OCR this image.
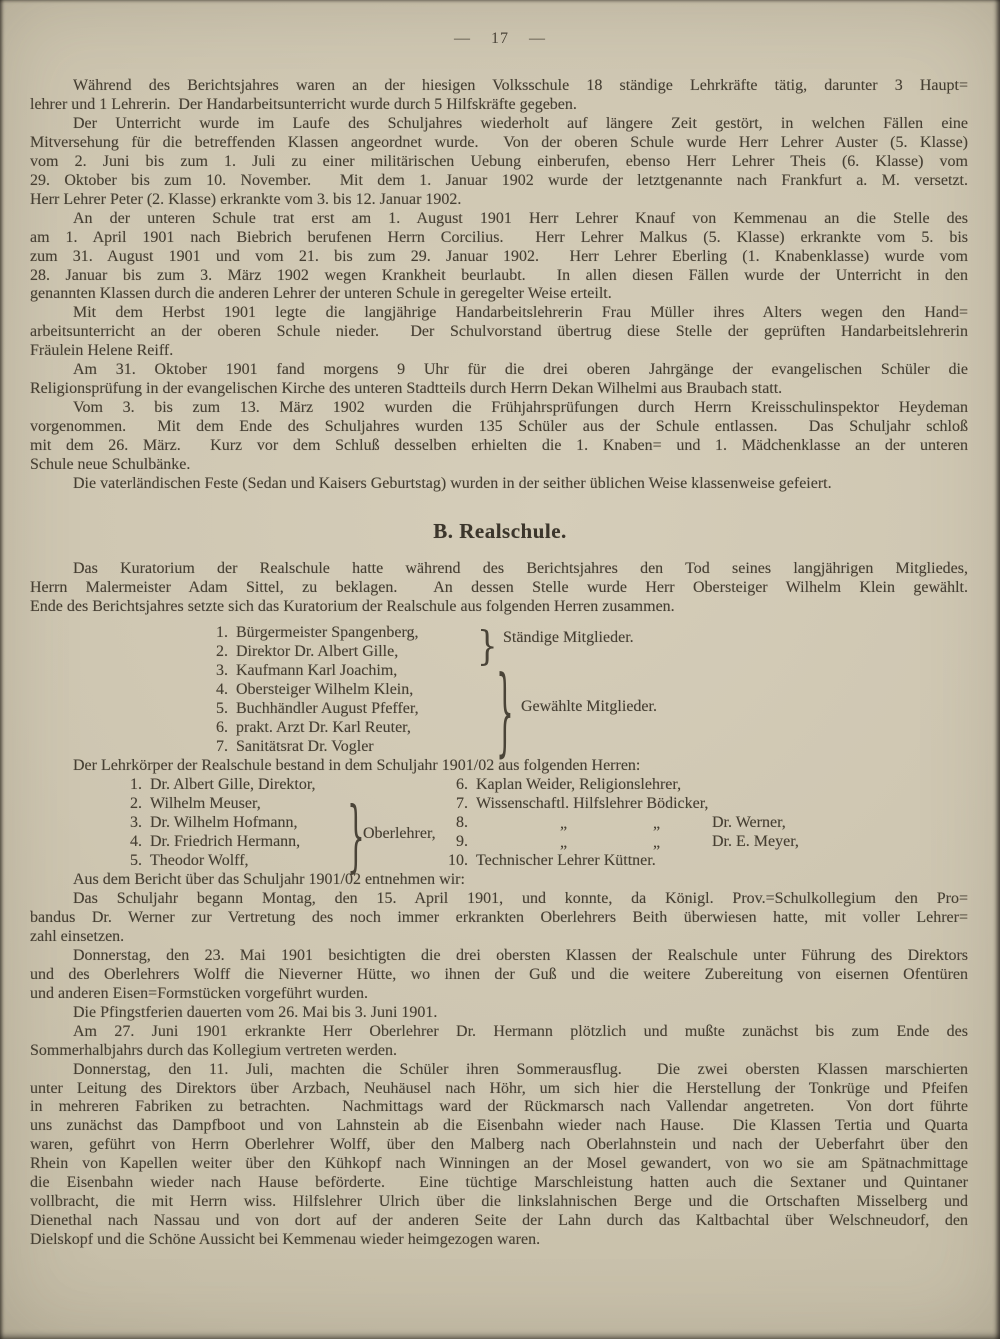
— 17 —
Während des Berichtsjahres waren an der hiesigen Volksschule 18 ständige Lehrkräfte tätig, darunter 3 Haupt=
lehrer und 1 Lehrerin.  Der Handarbeitsunterricht wurde durch 5 Hilfskräfte gegeben.
Der Unterricht wurde im Laufe des Schuljahres wiederholt auf längere Zeit gestört, in welchen Fällen eine
Mitversehung für die betreffenden Klassen angeordnet wurde.  Von der oberen Schule wurde Herr Lehrer Auster (5. Klasse)
vom 2. Juni bis zum 1. Juli zu einer militärischen Uebung einberufen, ebenso Herr Lehrer Theis (6. Klasse) vom
29. Oktober bis zum 10. November.  Mit dem 1. Januar 1902 wurde der letztgenannte nach Frankfurt a. M. versetzt.
Herr Lehrer Peter (2. Klasse) erkrankte vom 3. bis 12. Januar 1902.
An der unteren Schule trat erst am 1. August 1901 Herr Lehrer Knauf von Kemmenau an die Stelle des
am 1. April 1901 nach Biebrich berufenen Herrn Corcilius.  Herr Lehrer Malkus (5. Klasse) erkrankte vom 5. bis
zum 31. August 1901 und vom 21. bis zum 29. Januar 1902.  Herr Lehrer Eberling (1. Knabenklasse) wurde vom
28. Januar bis zum 3. März 1902 wegen Krankheit beurlaubt.  In allen diesen Fällen wurde der Unterricht in den
genannten Klassen durch die anderen Lehrer der unteren Schule in geregelter Weise erteilt.
Mit dem Herbst 1901 legte die langjährige Handarbeitslehrerin Frau Müller ihres Alters wegen den Hand=
arbeitsunterricht an der oberen Schule nieder.  Der Schulvorstand übertrug diese Stelle der geprüften Handarbeitslehrerin
Fräulein Helene Reiff.
Am 31. Oktober 1901 fand morgens 9 Uhr für die drei oberen Jahrgänge der evangelischen Schüler die
Religionsprüfung in der evangelischen Kirche des unteren Stadtteils durch Herrn Dekan Wilhelmi aus Braubach statt.
Vom 3. bis zum 13. März 1902 wurden die Frühjahrsprüfungen durch Herrn Kreisschulinspektor Heydeman
vorgenommen.  Mit dem Ende des Schuljahres wurden 135 Schüler aus der Schule entlassen.  Das Schuljahr schloß
mit dem 26. März.  Kurz vor dem Schluß desselben erhielten die 1. Knaben= und 1. Mädchenklasse an der unteren
Schule neue Schulbänke.
Die vaterländischen Feste (Sedan und Kaisers Geburtstag) wurden in der seither üblichen Weise klassenweise gefeiert.
B. Realschule.
Das Kuratorium der Realschule hatte während des Berichtsjahres den Tod seines langjährigen Mitgliedes,
Herrn Malermeister Adam Sittel, zu beklagen.  An dessen Stelle wurde Herr Obersteiger Wilhelm Klein gewählt.
Ende des Berichtsjahres setzte sich das Kuratorium der Realschule aus folgenden Herren zusammen.
1. Bürgermeister Spangenberg,
2. Direktor Dr. Albert Gille,
3. Kaufmann Karl Joachim,
4. Obersteiger Wilhelm Klein,
5. Buchhändler August Pfeffer,
6. prakt. Arzt Dr. Karl Reuter,
7. Sanitätsrat Dr. Vogler
} Ständige Mitglieder.
} Gewählte Mitglieder.
Der Lehrkörper der Realschule bestand in dem Schuljahr 1901/02 aus folgenden Herren:
1. Dr. Albert Gille, Direktor,
2. Wilhelm Meuser,
3. Dr. Wilhelm Hofmann,
4. Dr. Friedrich Hermann,
5. Theodor Wolff,	}
Oberlehrer,
6. Kaplan Weider, Religionslehrer,
7. Wissenschaftl. Hilfslehrer Bödicker,
8.	„	„	Dr. Werner,
9.	„	„	Dr. E. Meyer,
10. Technischer Lehrer Küttner.
Aus dem Bericht über das Schuljahr 1901/02 entnehmen wir:
Das Schuljahr begann Montag, den 15. April 1901, und konnte, da Königl. Prov.=Schulkollegium den Pro=
bandus Dr. Werner zur Vertretung des noch immer erkrankten Oberlehrers Beith überwiesen hatte, mit voller Lehrer=
zahl einsetzen.
Donnerstag, den 23. Mai 1901 besichtigten die drei obersten Klassen der Realschule unter Führung des Direktors
und des Oberlehrers Wolff die Nieverner Hütte, wo ihnen der Guß und die weitere Zubereitung von eisernen Ofentüren
und anderen Eisen=Formstücken vorgeführt wurden.
Die Pfingstferien dauerten vom 26. Mai bis 3. Juni 1901.
Am 27. Juni 1901 erkrankte Herr Oberlehrer Dr. Hermann plötzlich und mußte zunächst bis zum Ende des
Sommerhalbjahrs durch das Kollegium vertreten werden.
Donnerstag, den 11. Juli, machten die Schüler ihren Sommerausflug.  Die zwei obersten Klassen marschierten
unter Leitung des Direktors über Arzbach, Neuhäusel nach Höhr, um sich hier die Herstellung der Tonkrüge und Pfeifen
in mehreren Fabriken zu betrachten.  Nachmittags ward der Rückmarsch nach Vallendar angetreten.  Von dort führte
uns zunächst das Dampfboot und von Lahnstein ab die Eisenbahn wieder nach Hause.  Die Klassen Tertia und Quarta
waren, geführt von Herrn Oberlehrer Wolff, über den Malberg nach Oberlahnstein und nach der Ueberfahrt über den
Rhein von Kapellen weiter über den Kühkopf nach Winningen an der Mosel gewandert, von wo sie am Spätnachmittage
die Eisenbahn wieder nach Hause beförderte.  Eine tüchtige Marschleistung hatten auch die Sextaner und Quintaner
vollbracht, die mit Herrn wiss. Hilfslehrer Ulrich über die linkslahnischen Berge und die Ortschaften Misselberg und
Dienethal nach Nassau und von dort auf der anderen Seite der Lahn durch das Kaltbachtal über Welschneudorf, den
Dielskopf und die Schöne Aussicht bei Kemmenau wieder heimgezogen waren.
